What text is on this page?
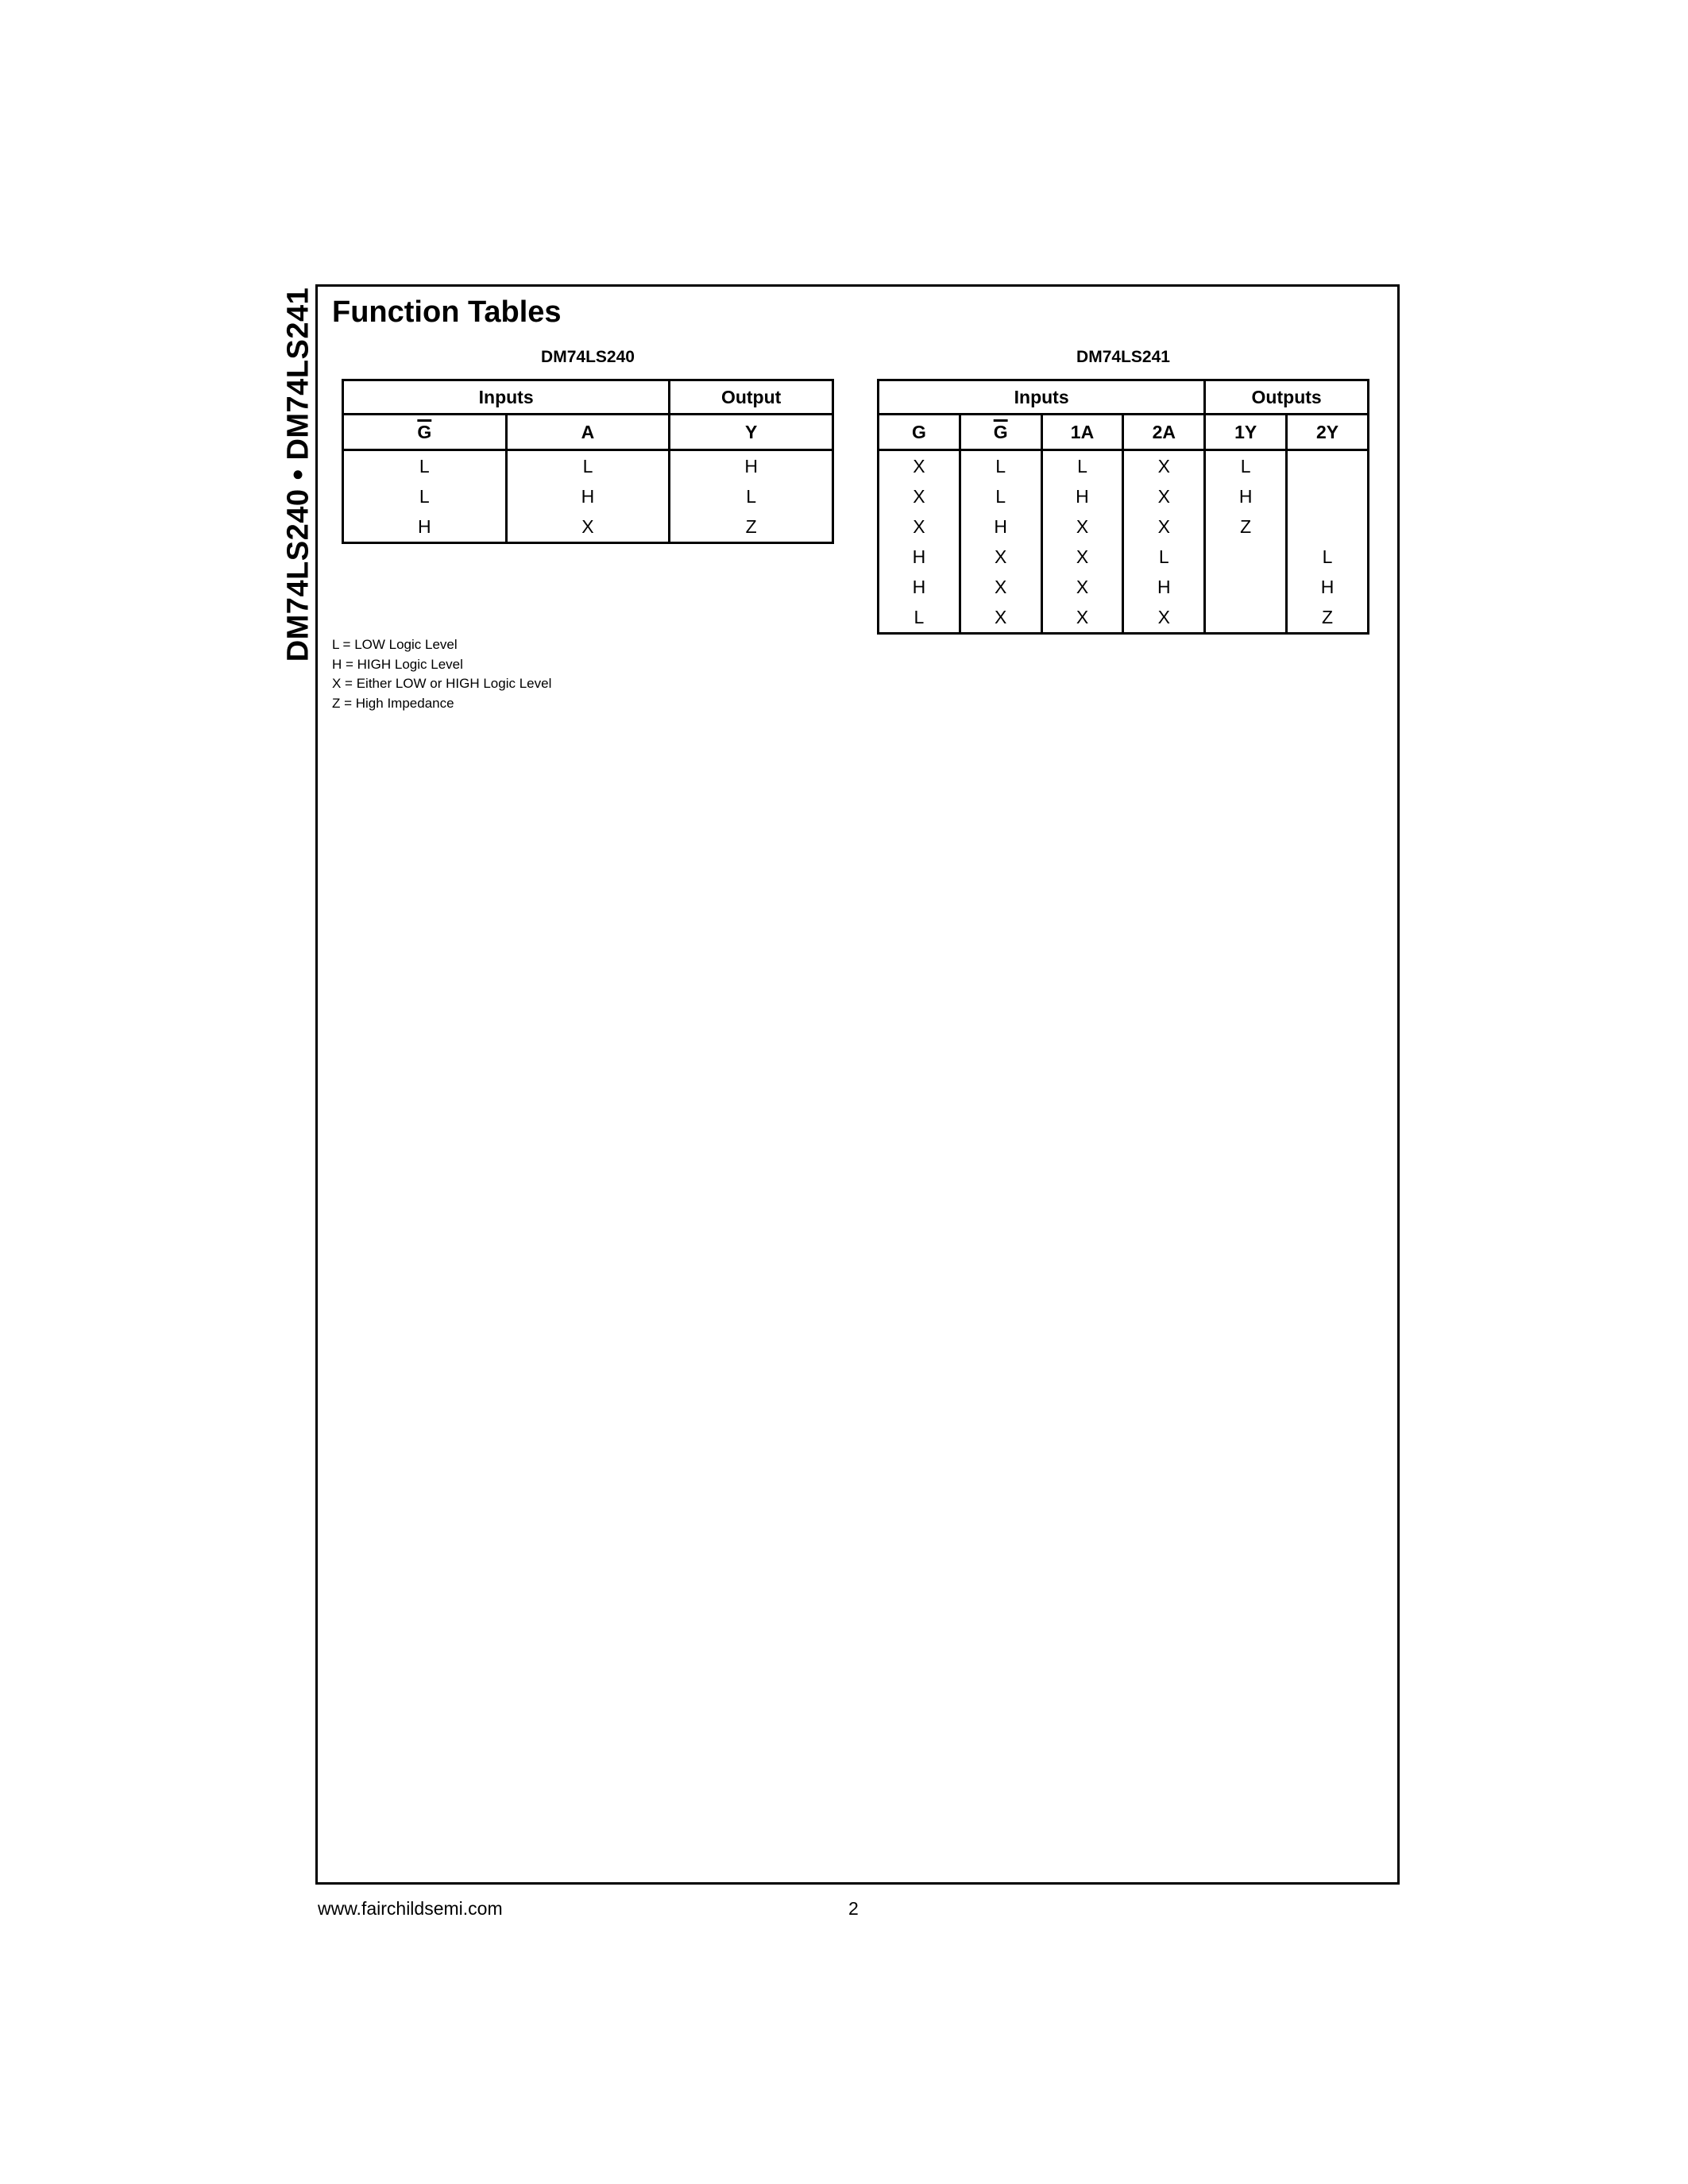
DM74LS240 • DM74LS241 Function Tables
DM74LS240
Inputs		Output
$\overline{G}$	A	Y
L	L	H
L	H	L
H	X	Z
DM74LS241
Inputs				Outputs	
G	$\overline{G}$	1A	2A	1Y	2Y
X	L	L	X	L	
X	L	H	X	H	
X	H	X	X	Z	
H	X	X	L		L
H	X	X	H		H
L	X	X	X		Z
L = LOW Logic Level
H = HIGH Logic Level
X = Either LOW or HIGH Logic Level
Z = High Impedance
www.fairchildsemi.com	2
